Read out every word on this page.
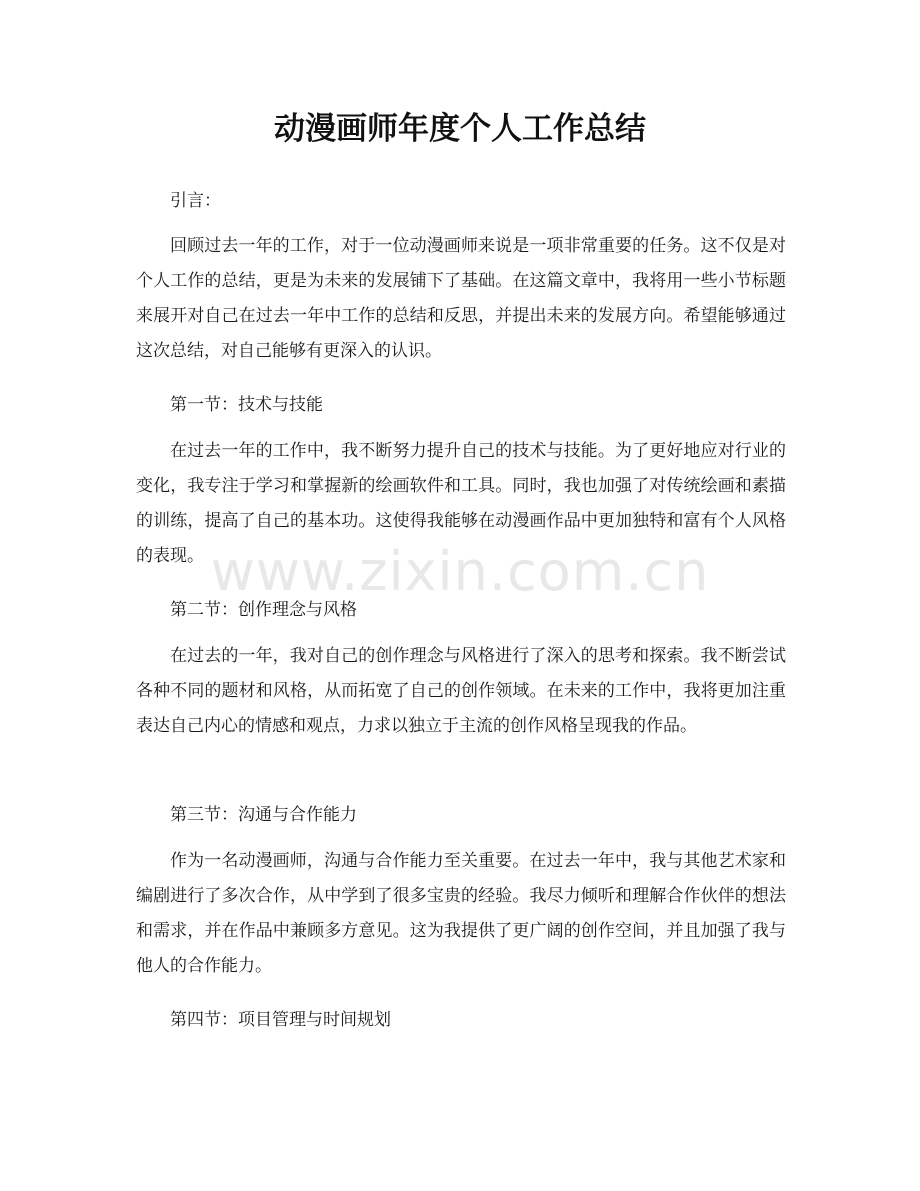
动漫画师年度个人工作总结
引言：
回顾过去一年的工作，对于一位动漫画师来说是一项非常重要的任务。这不仅是对个人工作的总结，更是为未来的发展铺下了基础。在这篇文章中，我将用一些小节标题来展开对自己在过去一年中工作的总结和反思，并提出未来的发展方向。希望能够通过这次总结，对自己能够有更深入的认识。
第一节：技术与技能
在过去一年的工作中，我不断努力提升自己的技术与技能。为了更好地应对行业的变化，我专注于学习和掌握新的绘画软件和工具。同时，我也加强了对传统绘画和素描的训练，提高了自己的基本功。这使得我能够在动漫画作品中更加独特和富有个人风格的表现。
第二节：创作理念与风格
在过去的一年，我对自己的创作理念与风格进行了深入的思考和探索。我不断尝试各种不同的题材和风格，从而拓宽了自己的创作领域。在未来的工作中，我将更加注重表达自己内心的情感和观点，力求以独立于主流的创作风格呈现我的作品。
第三节：沟通与合作能力
作为一名动漫画师，沟通与合作能力至关重要。在过去一年中，我与其他艺术家和编剧进行了多次合作，从中学到了很多宝贵的经验。我尽力倾听和理解合作伙伴的想法和需求，并在作品中兼顾多方意见。这为我提供了更广阔的创作空间，并且加强了我与他人的合作能力。
第四节：项目管理与时间规划
www.zixin.com.cn
